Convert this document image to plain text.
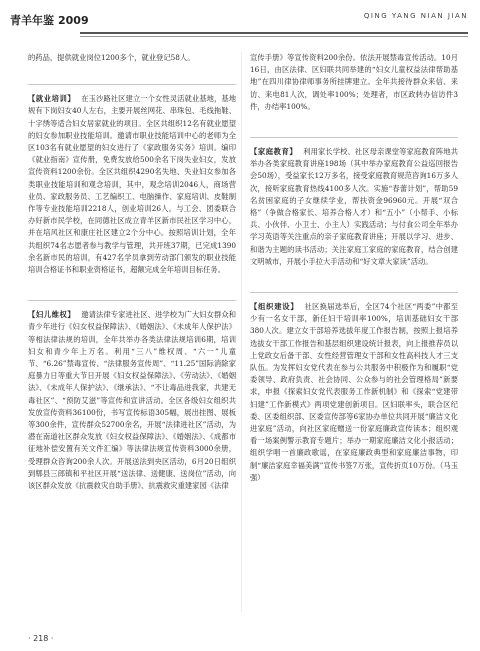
青羊年鉴 2009	QING YANG NIAN JIAN

的药品，提供就业岗位1200多个，就业登记58人。

【就业培训】 在玉沙路社区建立一个女性灵活就业基地，基地规有下岗妇女40人左右，主要开展丝网花、串珠包、毛线拖鞋、十字绣等适合妇女居家就业的项目。全区共组织12名有就业愿望的妇女参加职业技能培训。邀请市职业技能培训中心的老师为全区103名有就业愿望的妇女进行了《家政服务实务》培训。编印《就业指南》宣传册，免费发放给500余名下岗失业妇女，发放宣传资料1200余份。全区共组织4290名失地、失业妇女参加各类职业技能培训和观念培训，其中，观念培训2046人，商场营业员、家政服务员、工艺编织工、电脑操作、家庭培训、皮鞋制作等专业技能培训2218人，创业培训26人。与工会、团委联合办好新市民学校，在同德社区成立青羊区新市民社区学习中心，并在培风社区和康庄社区建立2个分中心。按照培训计划，全年共组织74名志愿者参与教学与管理，共开班37期，已完成1390余名新市民的培训，有427名学员拿到劳动部门颁发的职业技能培训合格证书和职业资格证书，超额完成全年培训目标任务。

【妇儿维权】 邀请法律专家进社区、进学校为广大妇女群众和青少年进行《妇女权益保障法》、《婚姻法》、《未成年人保护法》等相法律法规的培训，全年共举办各类法律法规培训6期，培训妇女和青少年上万名。利用“三八”维权周、“六一”儿童节、“6.26”禁毒宣传、“法律服务宣传周”、“11.25”国际消除家庭暴力日等重大节日开展《妇女权益保障法》、《劳动法》、《婚姻法》、《未成年人保护法》、《继承法》、“不让毒品进我家，共建无毒社区”、“预防艾滋”等宣传和宣讲活动。全区各级妇女组织共发放宣传资料36100份，书写宣传标语305幅，展出挂图、展板等300余件，宣传群众52700余名，开展“法律进社区”活动，为潜在南道社区群众发放《妇女权益保障法》、《婚姻法》、《成都市征地补偿安置有关文件汇编》等法律法规宣传资料3000余册，受理群众咨询200余人次。开展送法到央区活动，6月20日组织到郫县三郎镇和平社区开展“送法律、送健康、送岗位”活动，向该区群众发放《抗震救灾自助手册》、抗震救灾重建家园《法律

宣传手册》等宣传资料200余份。依法开展禁毒宣传活动。10月16日，由区法律、区妇联共同举建的“妇女儿童权益法律帮助基地”在四川律协律师事务所挂牌建立。全年共接待群众来信、来访、来电81人次，调处率100%；处理者，市区政转办信访件3件，办结率100%。

【家庭教育】 利用家长学校、社区母亲课堂等家庭教育阵地共举办各类家庭教育讲座198场（其中举办家庭教育公益巡回报告会50场），受益家长12万多名，接受家庭教育规范咨询16万多人次，接听家庭教育热线4100多人次。实施“春蕾计划”，帮助59名贫困家庭的子女继续学业，帮扶资金96960元。开展“双合格”（争做合格家长、培养合格人才）和“五小”（小帮手、小标兵、小伙伴、小卫士、小主人）实践活动；与付食公司全年举办学习英语等关注重点的亲子家庭教育讲座；开展以学习、进步、和谐为主题的读书活动；关注家庭工家庭的家庭教育，结合创建文明城市，开展小手拉大手活动和“好文章大家读”活动。

【组织建设】 社区换届选举后，全区74个社区“两委”中都至少有一名女干部，新任妇干培训率100%，培训基础妇女干部380人次。建立女干部培养选拔年度工作报告制，按照上报培养选拔女干部工作报告和基层组织建设统计报表，向上报推荐员以上党政女后备干部、女性经营管理女干部和女性高科技人才三支队伍。为发挥妇女党代表在参与公共服务中积极作为和履职“党委领导、政府负责、社会协同、公众参与的社会管理格局”新要求，申报《探索妇女党代表服务工作新机制》和《探索“党建带妇建”工作新模式》两项党建创新项目。区妇联率头，联合区纪委、区委组织部、区委宣传部等6家协办单位共同开展“廉洁文化进家庭”活动，向社区家庭赠送一份家庭廉政宣传读本；组织观看一场案例警示教育专题片；举办一期家庭廉洁文化小报活动；组织学唱一首廉政歌谣，在家庭廉政典型和家庭廉洁事物，印制“廉洁家庭幸福美满”宣传书签7万张，宣传折页10万份。（马玉强）

· 218 ·
